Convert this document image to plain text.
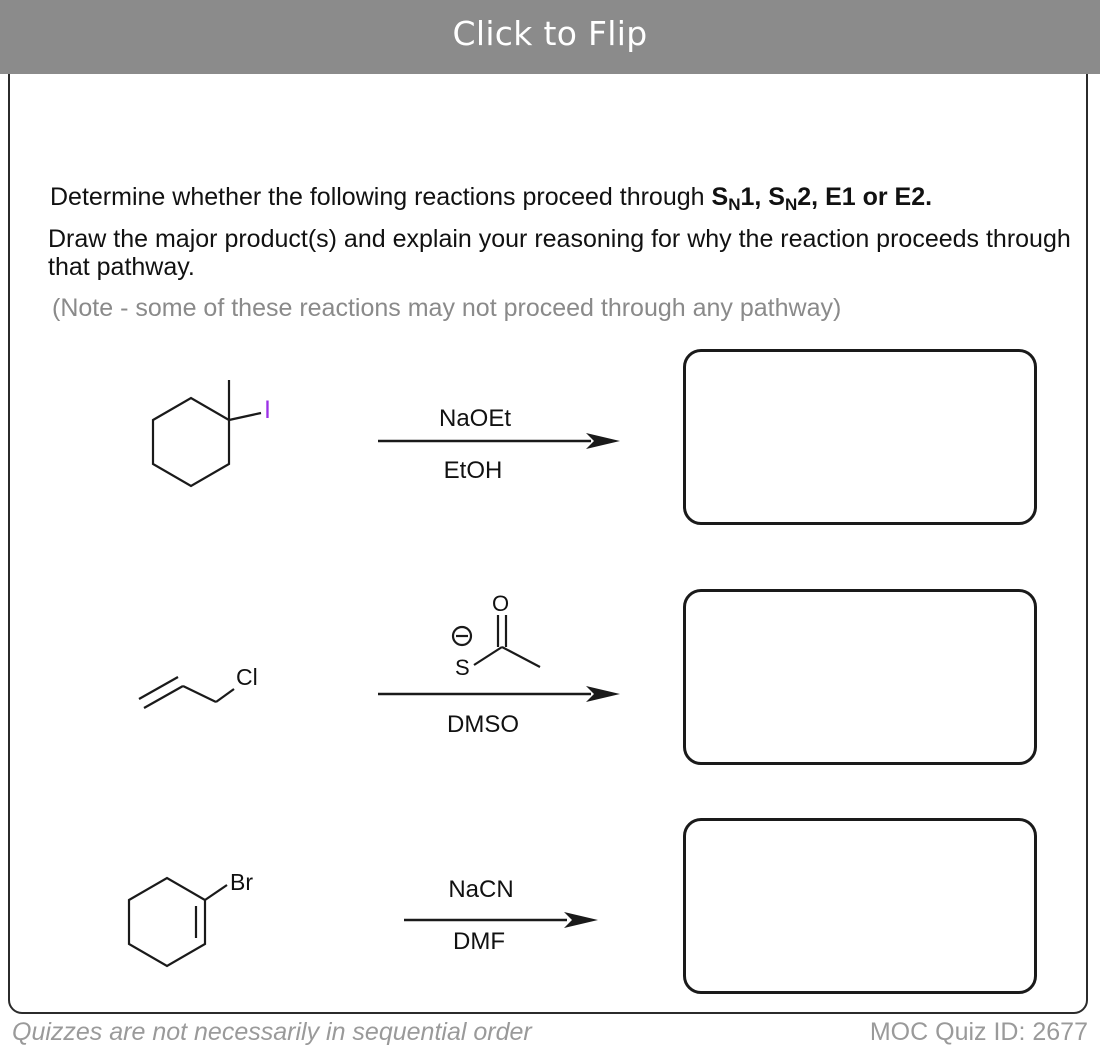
Click to Flip
Determine whether the following reactions proceed through $S_N1$, $S_N2$, E1 or E2.
Draw the major product(s) and explain your reasoning for why the reaction proceeds through that pathway.
(Note - some of these reactions may not proceed through any pathway)
I	NaOEt
EtOH
Cl
O
S
DMSO
Br	NaCN
DMF
Quizzes are not necessarily in sequential order	MOC Quiz ID: 2677
